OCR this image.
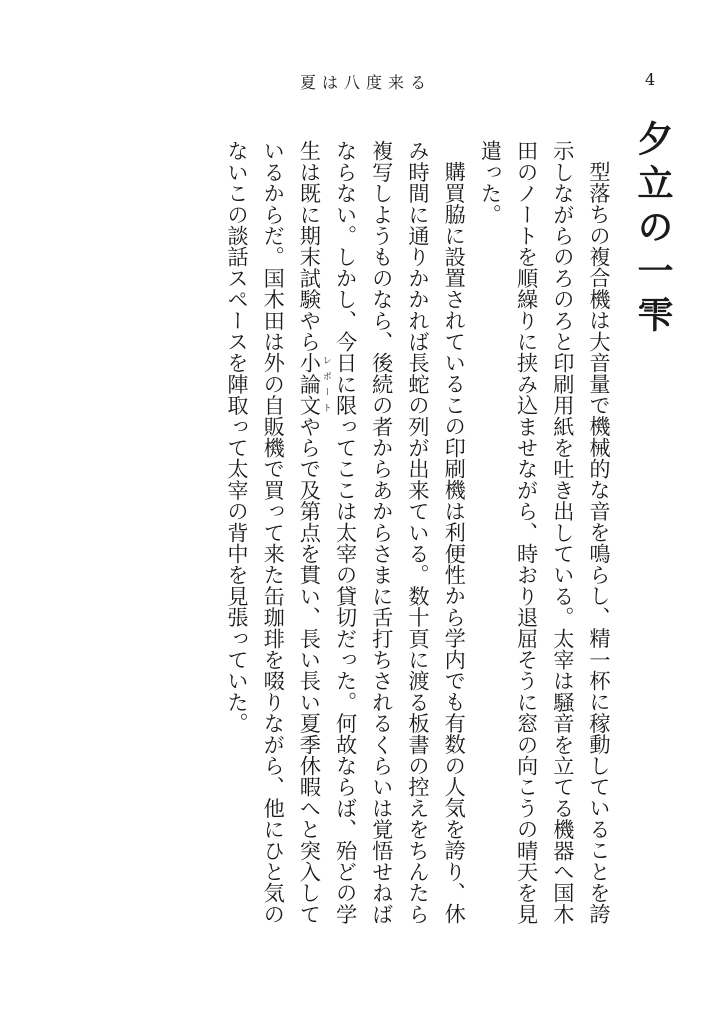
夏は八度来る	4
夕立の一雫

型落ちの複合機は大音量で機械的な音を鳴らし、精一杯に稼動していることを誇示しながらのろのろと印刷用紙を吐き出している。太宰は騒音を立てる機器へ国木田のノートを順繰りに挟み込ませながら、時おり退屈そうに窓の向こうの晴天を見遣った。

購買脇に設置されているこの印刷機は利便性から学内でも有数の人気を誇り、休み時間に通りかかれば長蛇の列が出来ている。数十頁に渡る板書の控えをちんたら複写しようものなら、後続の者からあからさまに舌打ちされるくらいは覚悟せねばならない。しかし、今日に限ってここは太宰の貸切だった。何故ならば、殆どの学生は既に期末試験やら小論文レポートやらで及第点を貫い、長い長い夏季休暇へと突入しているからだ。国木田は外の自販機で買って来た缶珈琲を啜りながら、他にひと気のないこの談話スペースを陣取って太宰の背中を見張っていた。
